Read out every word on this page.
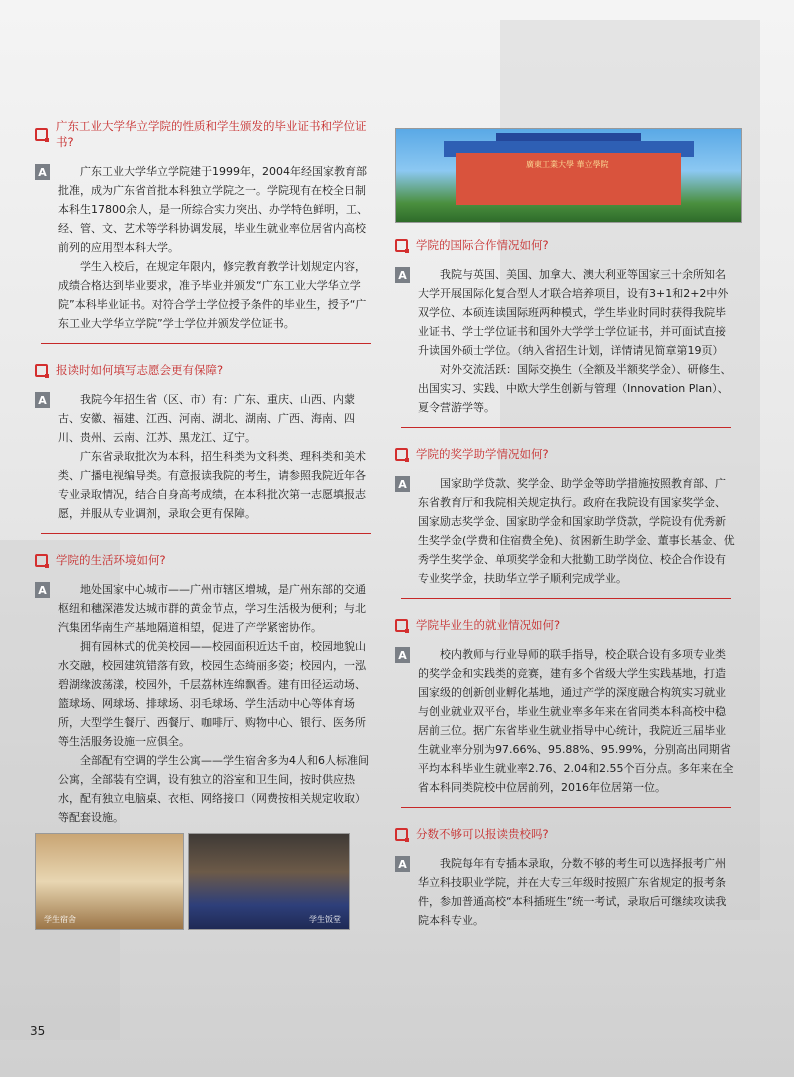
广东工业大学华立学院的性质和学生颁发的毕业证书和学位证书?
A	广东工业大学华立学院建于1999年，2004年经国家教育部批准，成为广东省首批本科独立学院之一。学院现有在校全日制本科生17800余人，是一所综合实力突出、办学特色鲜明，工、经、管、文、艺术等学科协调发展，毕业生就业率位居省内高校前列的应用型本科大学。

学生入校后，在规定年限内，修完教育教学计划规定内容，成绩合格达到毕业要求，准予毕业并颁发“广东工业大学华立学院”本科毕业证书。对符合学士学位授予条件的毕业生，授予“广东工业大学华立学院”学士学位并颁发学位证书。

报读时如何填写志愿会更有保障?
A	我院今年招生省（区、市）有：广东、重庆、山西、内蒙古、安徽、福建、江西、河南、湖北、湖南、广西、海南、四川、贵州、云南、江苏、黑龙江、辽宁。

广东省录取批次为本科，招生科类为文科类、理科类和美术类、广播电视编导类。有意报读我院的考生，请参照我院近年各专业录取情况，结合自身高考成绩，在本科批次第一志愿填报志愿，并服从专业调剂，录取会更有保障。

学院的生活环境如何?
A	地处国家中心城市——广州市辖区增城，是广州东部的交通枢纽和穗深港发达城市群的黄金节点，学习生活极为便利；与北汽集团华南生产基地隔道相望，促进了产学紧密协作。

拥有园林式的优美校园——校园面积近达千亩，校园地貌山水交融，校园建筑错落有致，校园生态绮丽多姿；校园内，一泓碧湖缘波荡漾，校园外，千层荔林连绵飘香。建有田径运动场、篮球场、网球场、排球场、羽毛球场、学生活动中心等体育场所，大型学生餐厅、西餐厅、咖啡厅、购物中心、银行、医务所等生活服务设施一应俱全。

全部配有空调的学生公寓——学生宿舍多为4人和6人标准间公寓，全部装有空调，设有独立的浴室和卫生间，按时供应热水，配有独立电脑桌、衣柜、网络接口（网费按相关规定收取）等配套设施。

学生宿舍	学生饭堂
廣東工業大學 華立學院
学院的国际合作情况如何?
A	我院与英国、美国、加拿大、澳大利亚等国家三十余所知名大学开展国际化复合型人才联合培养项目，设有3+1和2+2中外双学位、本硕连读国际班两种模式，学生毕业时同时获得我院毕业证书、学士学位证书和国外大学学士学位证书，并可面试直接升读国外硕士学位。（纳入省招生计划，详情请见简章第19页）

对外交流活跃：国际交换生（全额及半额奖学金）、研修生、出国实习、实践、中欧大学生创新与管理（Innovation Plan）、夏令营游学等。

学院的奖学助学情况如何?
A	国家助学贷款、奖学金、助学金等助学措施按照教育部、广东省教育厅和我院相关规定执行。政府在我院设有国家奖学金、国家励志奖学金、国家助学金和国家助学贷款，学院设有优秀新生奖学金(学费和住宿费全免)、贫困新生助学金、董事长基金、优秀学生奖学金、单项奖学金和大批勤工助学岗位、校企合作设有专业奖学金，扶助华立学子顺利完成学业。

学院毕业生的就业情况如何?
A	校内教师与行业导师的联手指导，校企联合设有多项专业类的奖学金和实践类的竞赛，建有多个省级大学生实践基地，打造国家级的创新创业孵化基地，通过产学的深度融合构筑实习就业与创业就业双平台，毕业生就业率多年来在省同类本科高校中稳居前三位。据广东省毕业生就业指导中心统计，我院近三届毕业生就业率分别为97.66%、95.88%、95.99%，分别高出同期省平均本科毕业生就业率2.76、2.04和2.55个百分点。多年来在全省本科同类院校中位居前列，2016年位居第一位。

分数不够可以报读贵校吗?
A	我院每年有专插本录取，分数不够的考生可以选择报考广州华立科技职业学院，并在大专三年级时按照广东省规定的报考条件，参加普通高校“本科插班生”统一考试，录取后可继续攻读我院本科专业。

35
